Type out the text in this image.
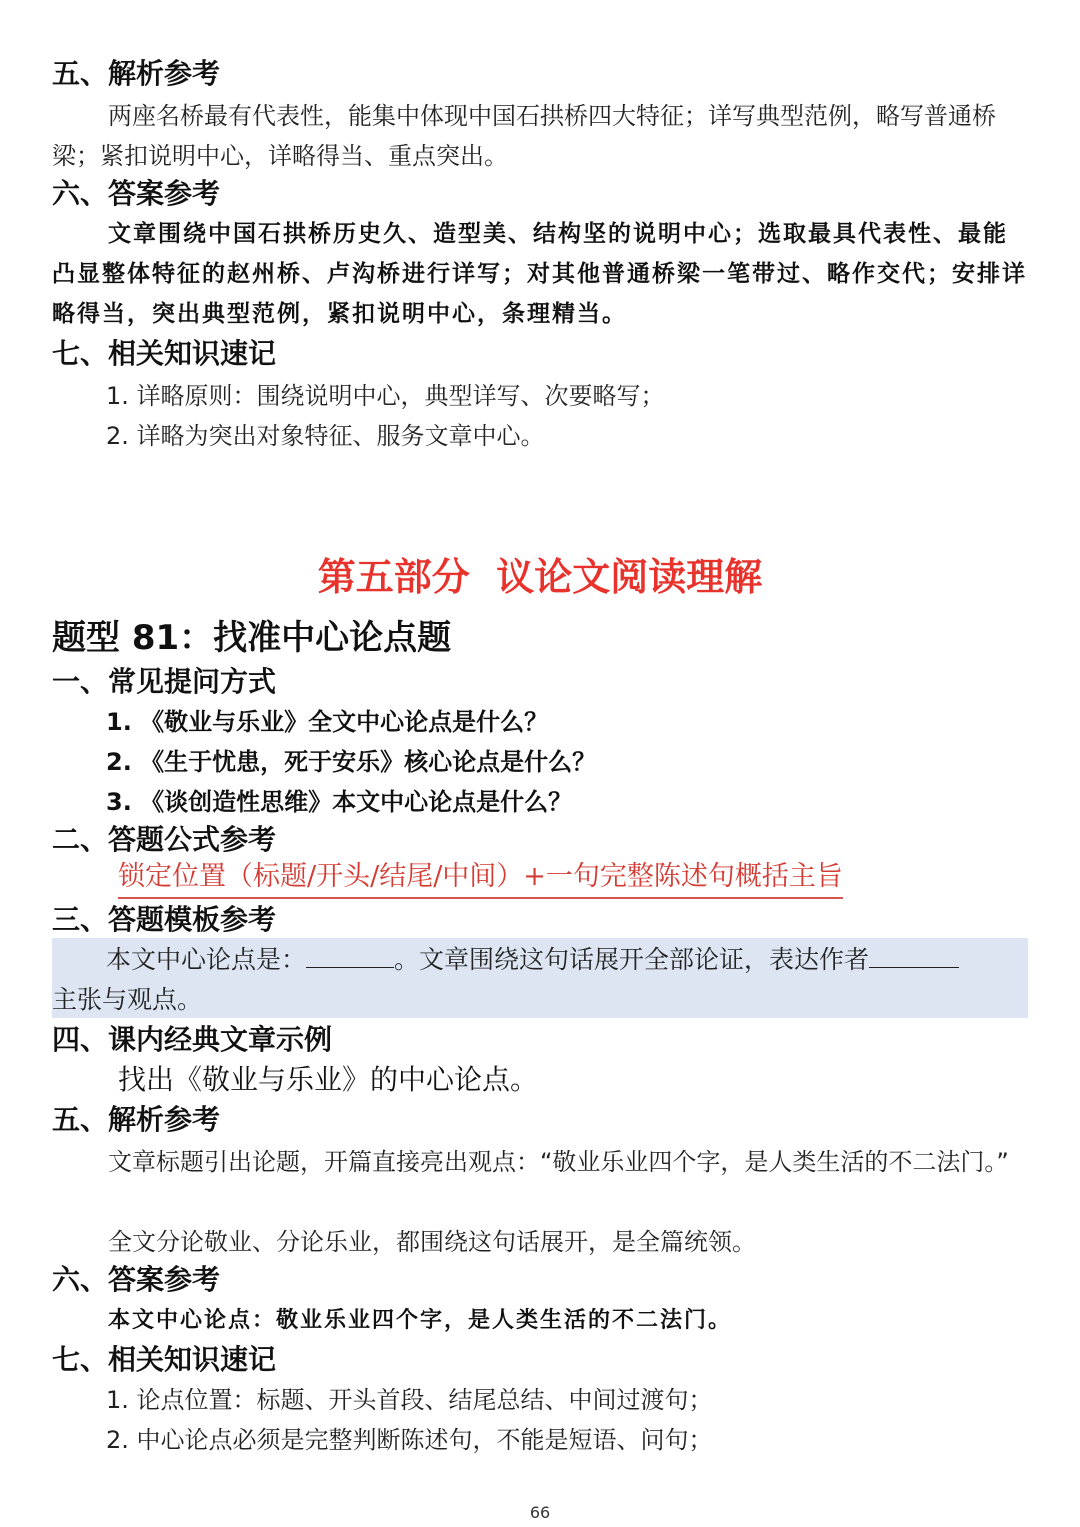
五、解析参考
两座名桥最有代表性，能集中体现中国石拱桥四大特征；详写典型范例，略写普通桥梁；紧扣说明中心，详略得当、重点突出。
六、答案参考
文章围绕中国石拱桥历史久、造型美、结构坚的说明中心；选取最具代表性、最能凸显整体特征的赵州桥、卢沟桥进行详写；对其他普通桥梁一笔带过、略作交代；安排详略得当，突出典型范例，紧扣说明中心，条理精当。
七、相关知识速记
1. 详略原则：围绕说明中心，典型详写、次要略写；
2. 详略为突出对象特征、服务文章中心。
第五部分  议论文阅读理解
题型 81：找准中心论点题
一、常见提问方式
1. 《敬业与乐业》全文中心论点是什么？
2. 《生于忧患，死于安乐》核心论点是什么？
3. 《谈创造性思维》本文中心论点是什么？
二、答题公式参考
锁定位置（标题/开头/结尾/中间）+一句完整陈述句概括主旨
三、答题模板参考
本文中心论点是：	。文章围绕这句话展开全部论证，表达作者
主张与观点。
四、课内经典文章示例
找出《敬业与乐业》的中心论点。
五、解析参考
文章标题引出论题，开篇直接亮出观点：“敬业乐业四个字，是人类生活的不二法门。”
全文分论敬业、分论乐业，都围绕这句话展开，是全篇统领。
六、答案参考
本文中心论点：敬业乐业四个字，是人类生活的不二法门。
七、相关知识速记
1. 论点位置：标题、开头首段、结尾总结、中间过渡句；
2. 中心论点必须是完整判断陈述句，不能是短语、问句；
66
